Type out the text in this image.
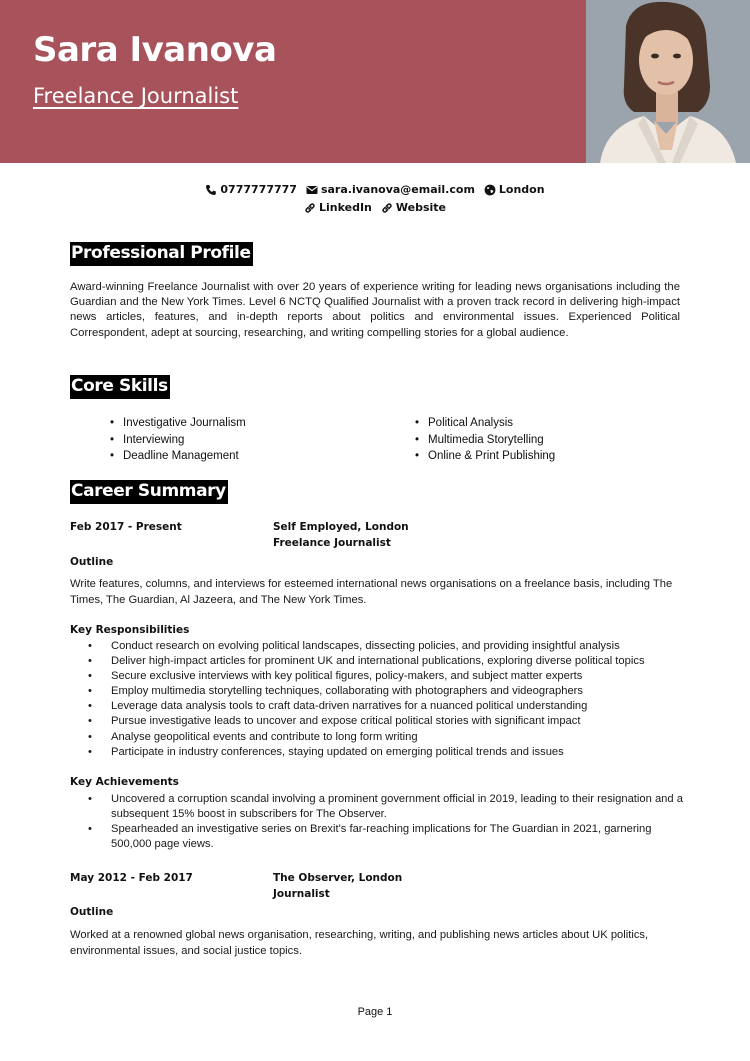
Sara Ivanova
Freelance Journalist
0777777777 sara.ivanova@email.com London
LinkedIn Website
Professional Profile

Award-winning Freelance Journalist with over 20 years of experience writing for leading news organisations including the Guardian and the New York Times. Level 6 NCTQ Qualified Journalist with a proven track record in delivering high-impact news articles, features, and in-depth reports about politics and environmental issues. Experienced Political Correspondent, adept at sourcing, researching, and writing compelling stories for a global audience.

Core Skills
• Investigative Journalism	• Political Analysis
• Interviewing	• Multimedia Storytelling
• Deadline Management	• Online & Print Publishing
Career Summary
Feb 2017 - Present	Self Employed, London
Freelance Journalist
Outline

Write features, columns, and interviews for esteemed international news organisations on a freelance basis, including The Times, The Guardian, Al Jazeera, and The New York Times.

Key Responsibilities
• Conduct research on evolving political landscapes, dissecting policies, and providing insightful analysis
• Deliver high-impact articles for prominent UK and international publications, exploring diverse political topics
• Secure exclusive interviews with key political figures, policy-makers, and subject matter experts
• Employ multimedia storytelling techniques, collaborating with photographers and videographers
• Leverage data analysis tools to craft data-driven narratives for a nuanced political understanding
• Pursue investigative leads to uncover and expose critical political stories with significant impact
• Analyse geopolitical events and contribute to long form writing
• Participate in industry conferences, staying updated on emerging political trends and issues
Key Achievements
• Uncovered a corruption scandal involving a prominent government official in 2019, leading to their resignation and a subsequent 15% boost in subscribers for The Observer.
• Spearheaded an investigative series on Brexit's far-reaching implications for The Guardian in 2021, garnering 500,000 page views.
May 2012 - Feb 2017	The Observer, London
Journalist
Outline

Worked at a renowned global news organisation, researching, writing, and publishing news articles about UK politics, environmental issues, and social justice topics.

Page 1
